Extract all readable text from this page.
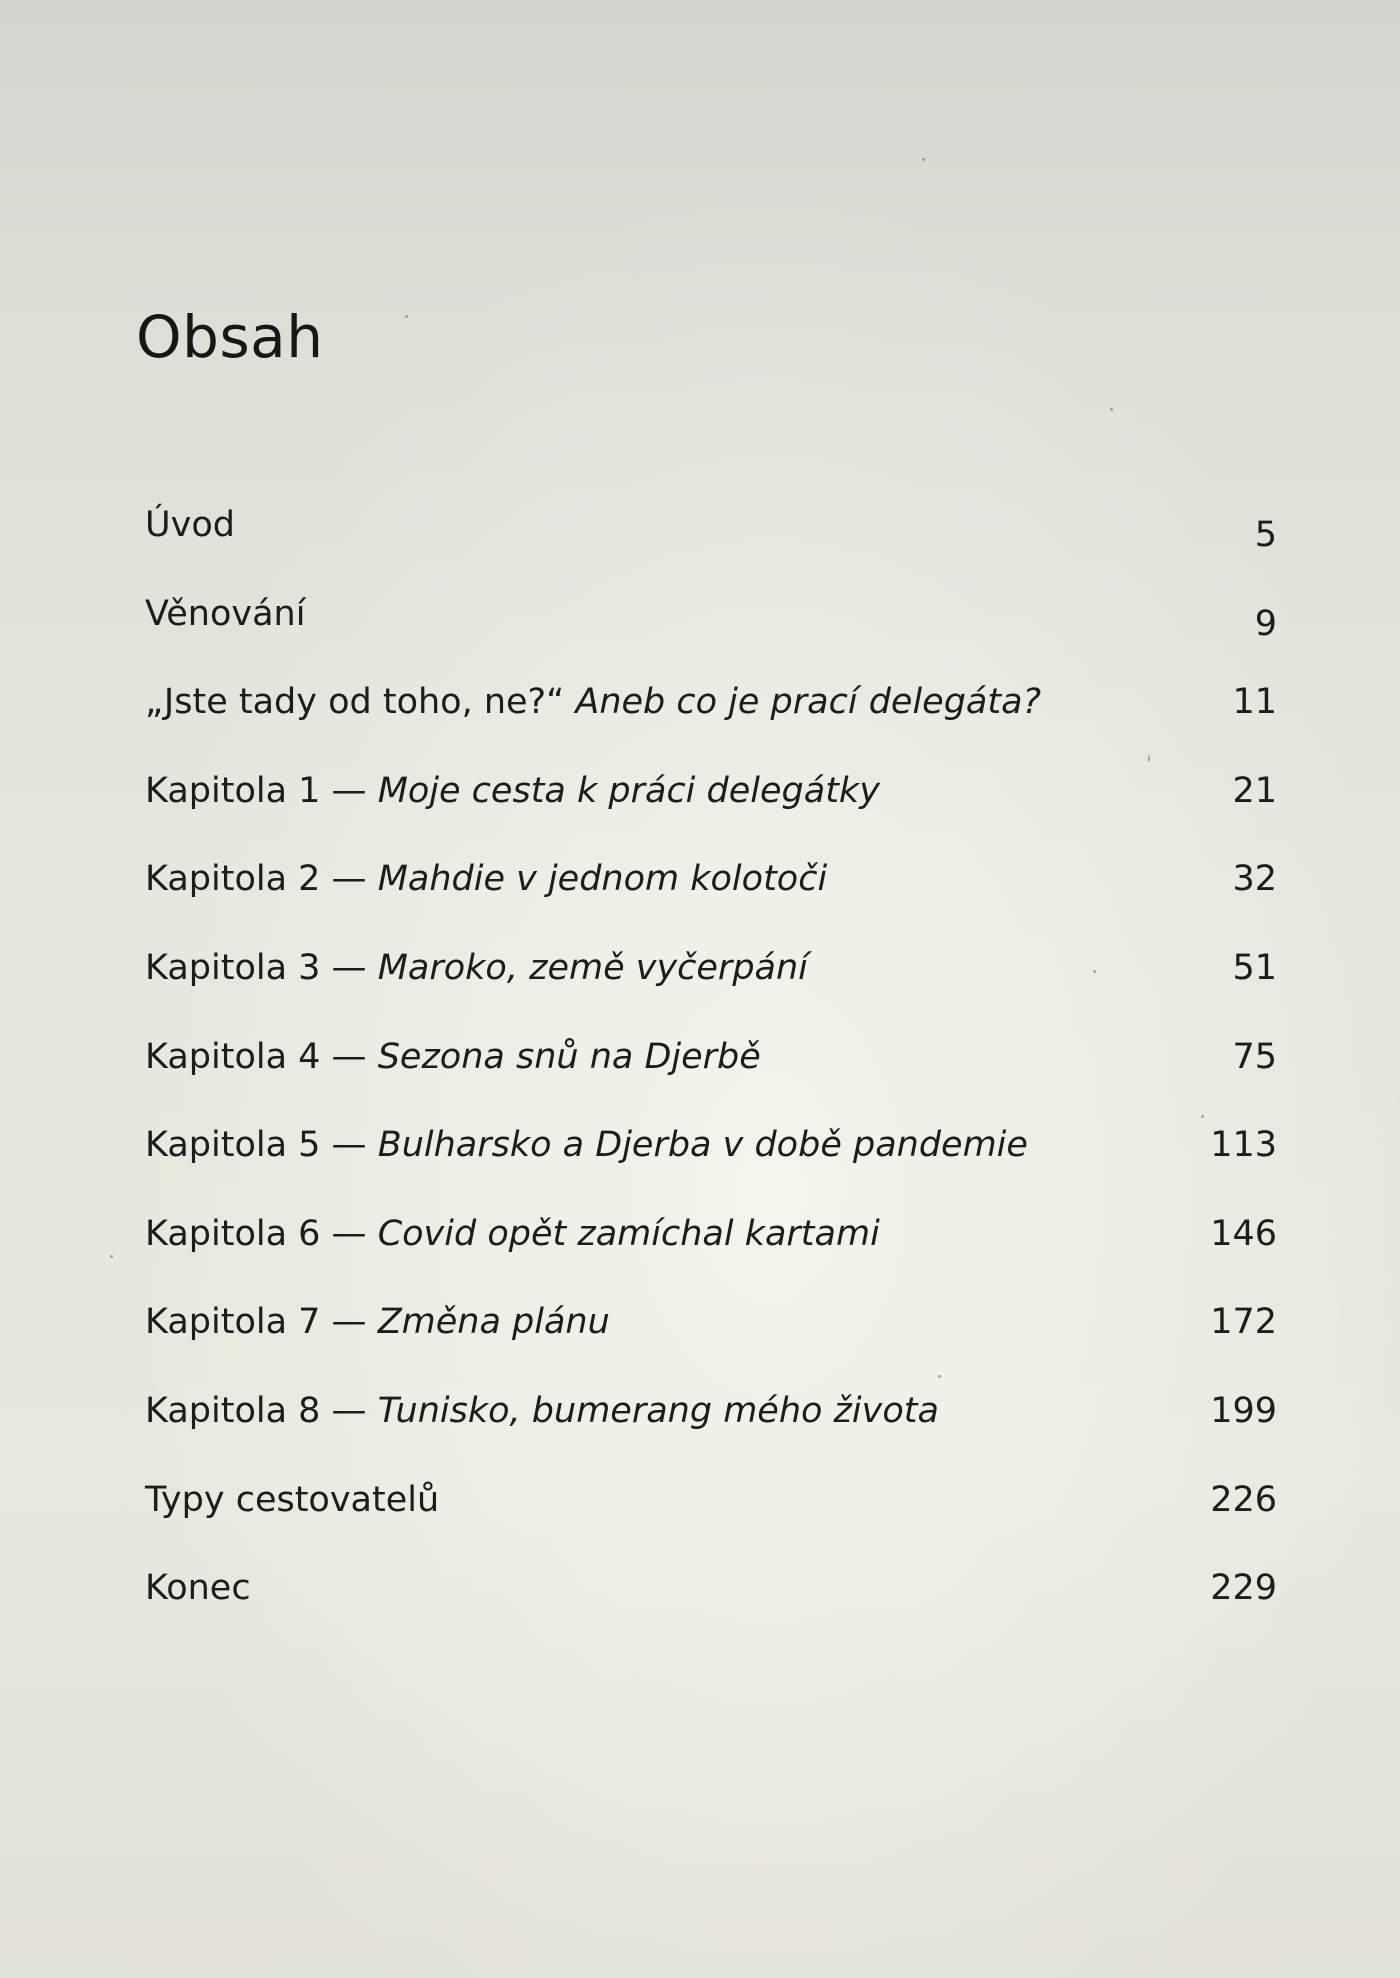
Obsah
Úvod	5
Věnování	9
„Jste tady od toho, ne?“ Aneb co je prací delegáta?	11
Kapitola 1 — Moje cesta k práci delegátky	21
Kapitola 2 — Mahdie v jednom kolotoči	32
Kapitola 3 — Maroko, země vyčerpání	51
Kapitola 4 — Sezona snů na Djerbě	75
Kapitola 5 — Bulharsko a Djerba v době pandemie	113
Kapitola 6 — Covid opět zamíchal kartami	146
Kapitola 7 — Změna plánu	172
Kapitola 8 — Tunisko, bumerang mého života	199
Typy cestovatelů	226
Konec	229
